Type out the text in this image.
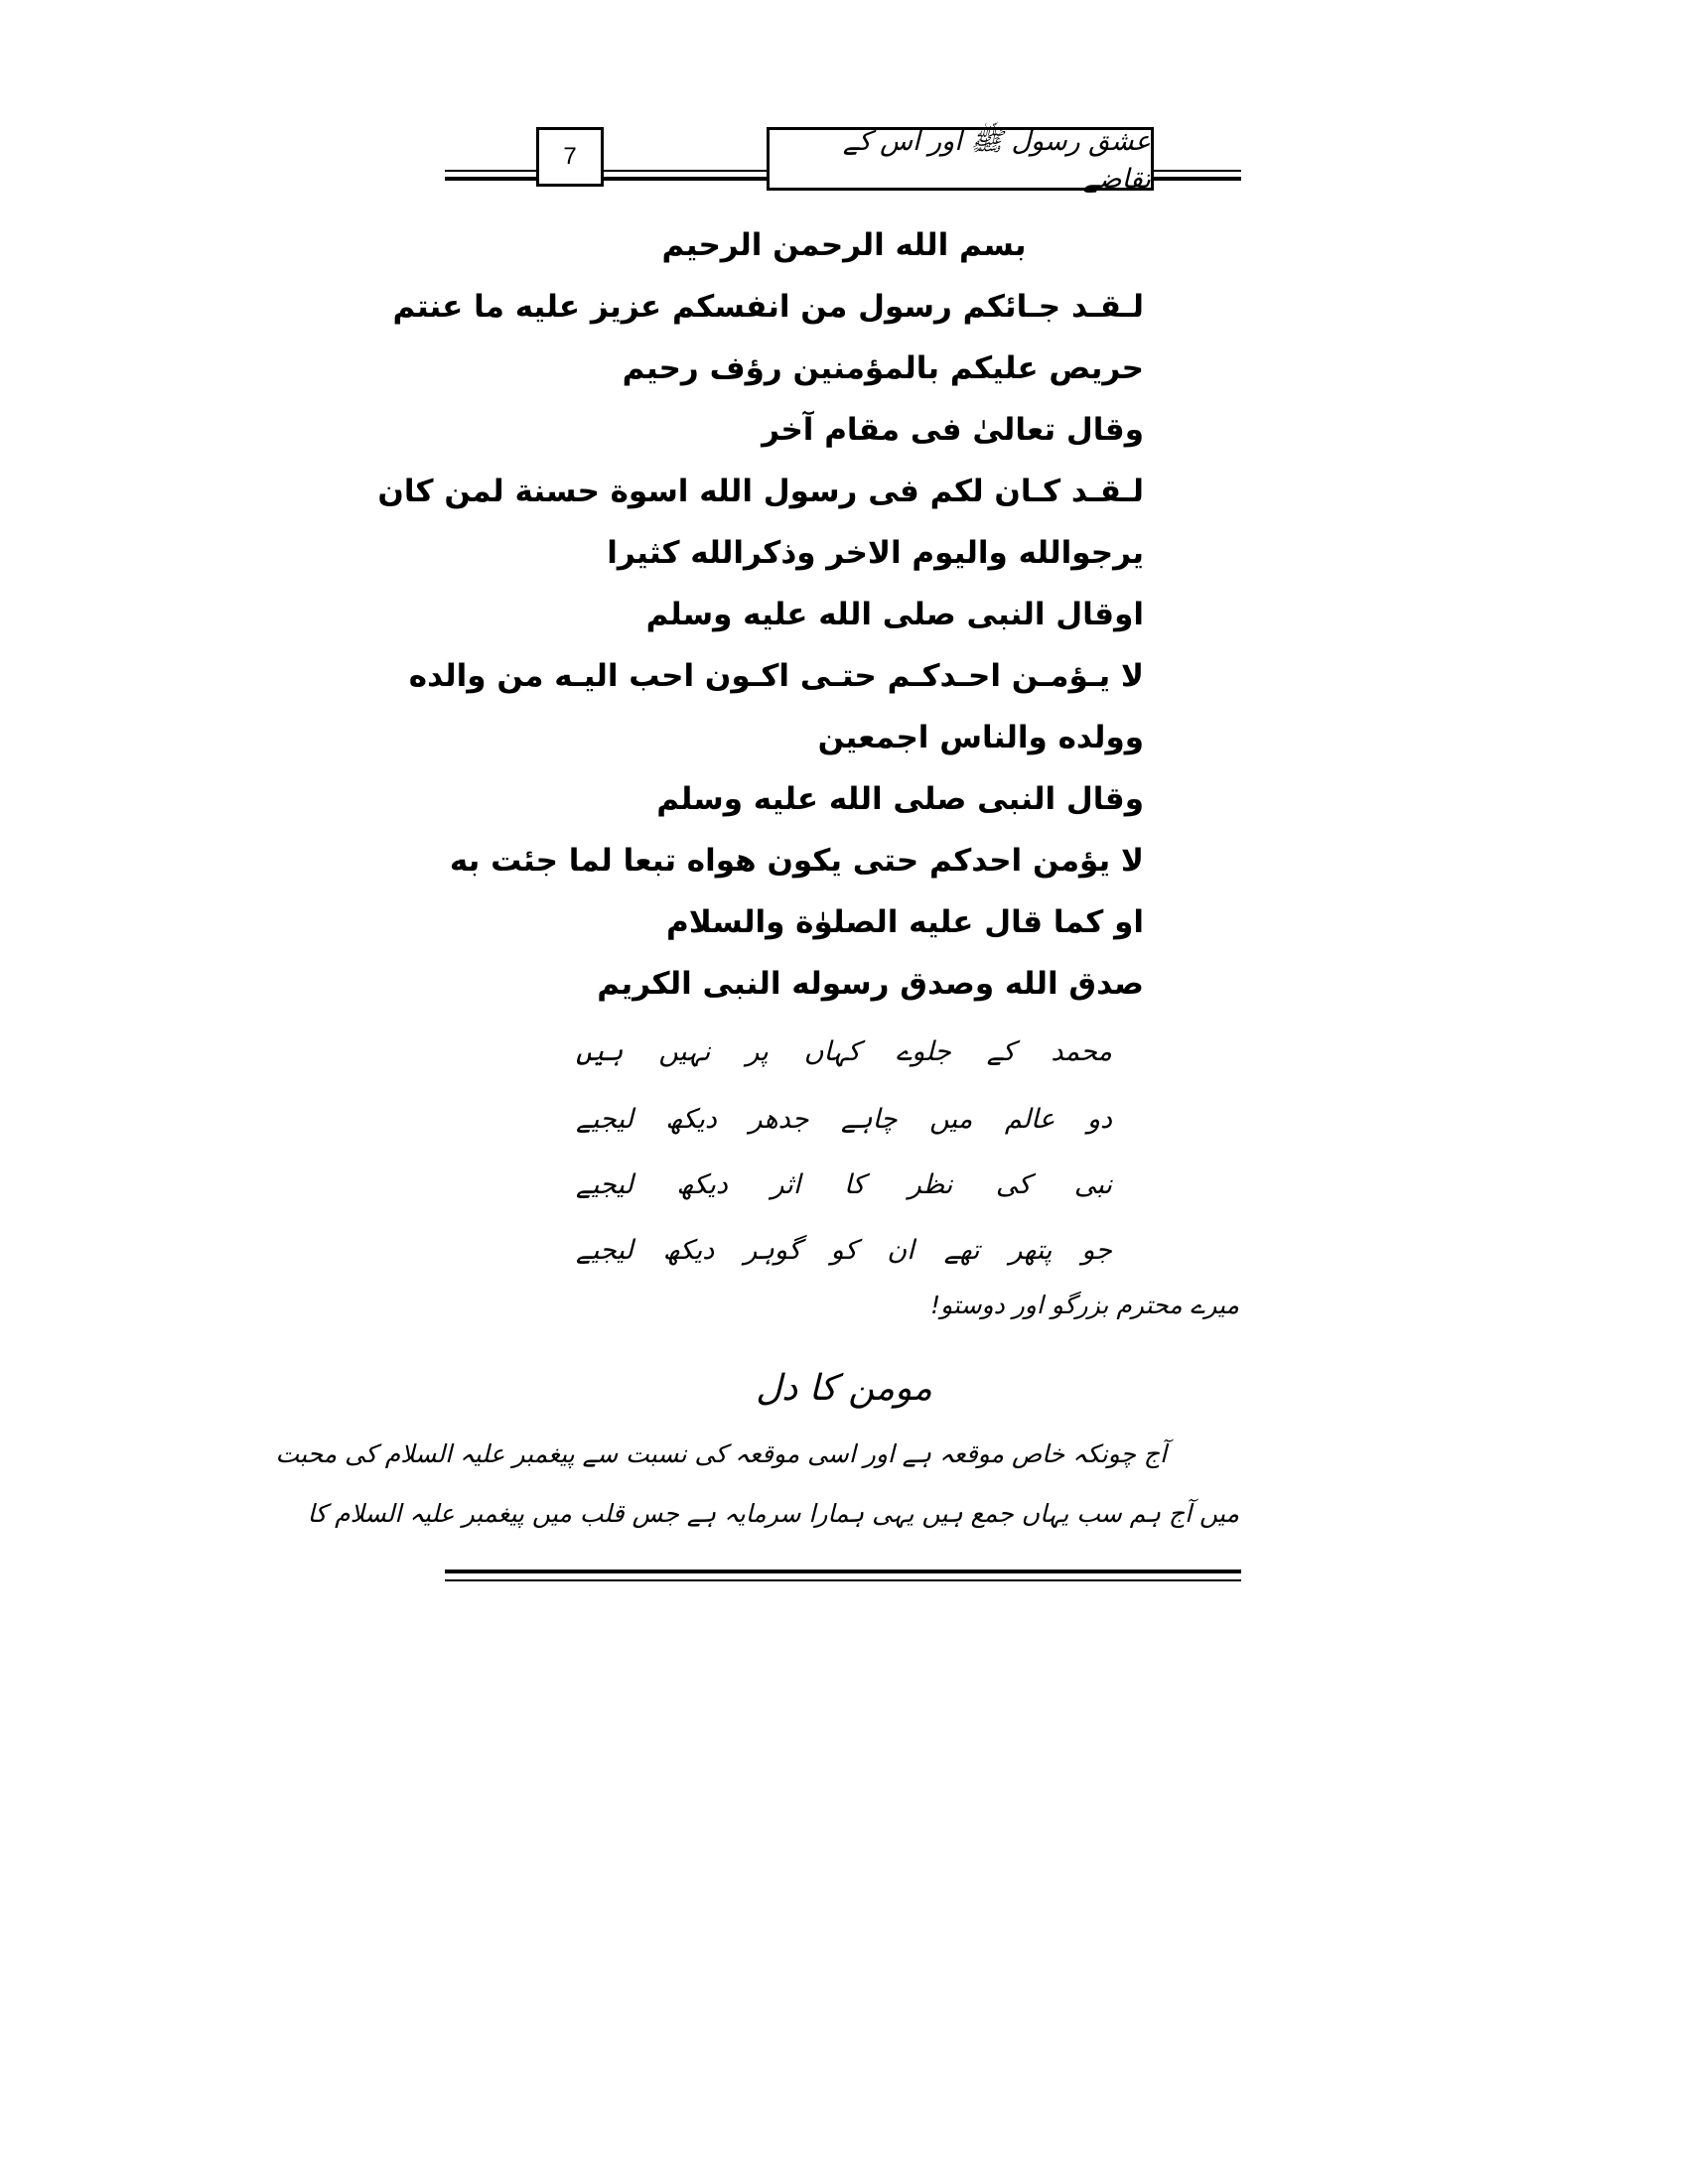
7	عشق رسول ﷺ اور اس کے تقاضے
بسم الله الرحمن الرحيم
لـقـد جـائكم رسول من انفسكم عزيز عليه ما عنتم
حريص عليكم بالمؤمنين رؤف رحيم
وقال تعالىٰ فى مقام آخر
لـقـد كـان لكم فى رسول الله اسوة حسنة لمن كان
يرجوالله واليوم الاخر وذكرالله كثيرا
اوقال النبى صلى الله عليه وسلم
لا يـؤمـن احـدكـم حتـى اكـون احب اليـه من والده
وولده والناس اجمعين
وقال النبى صلى الله عليه وسلم
لا يؤمن احدكم حتى يكون هواه تبعا لما جئت به
او كما قال عليه الصلوٰة والسلام
صدق الله وصدق رسوله النبى الكريم
محمد
کے
جلوے
کہاں
پر
نہیں
ہیں
دو
عالم
میں
چاہے
جدھر
دیکھ
لیجیے
نبی
کی
نظر
کا
اثر
دیکھ
لیجیے
جو
پتھر
تھے
ان
کو
گوہر
دیکھ
لیجیے
میرے محترم بزرگو اور دوستو!
مومن کا دل
آج چونکہ خاص موقعہ ہے اور اسی موقعہ کی نسبت سے پیغمبر علیہ السلام کی محبت
میں آج ہم سب یہاں جمع ہیں یہی ہمارا سرمایہ ہے جس قلب میں پیغمبر علیہ السلام کا
